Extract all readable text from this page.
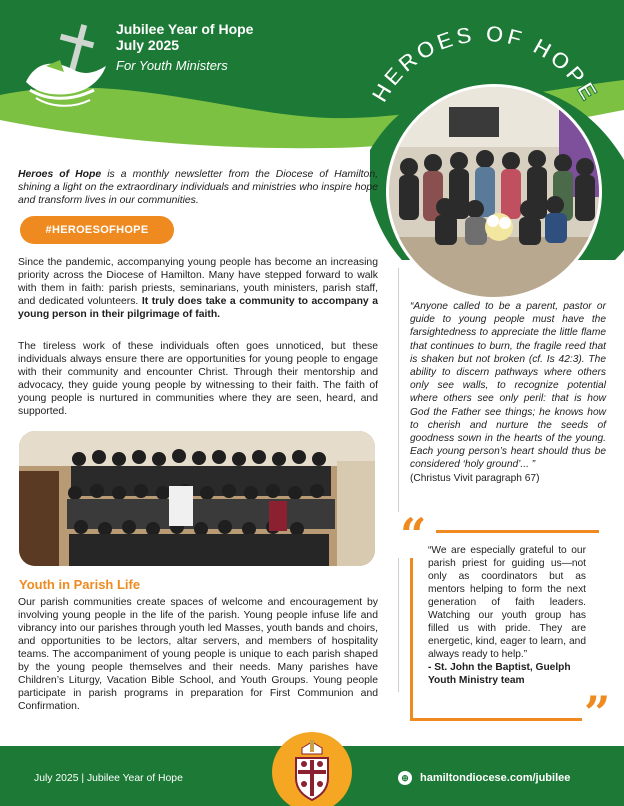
Jubilee Year of Hope
July 2025
For Youth Ministers
HEROES OF HOPE
Heroes of Hope is a monthly newsletter from the Diocese of Hamilton, shining a light on the extraordinary individuals and ministries who inspire hope and transform lives in our communities.
#HEROESOFHOPE
Since the pandemic, accompanying young people has become an increasing priority across the Diocese of Hamilton. Many have stepped forward to walk with them in faith: parish priests, seminarians, youth ministers, parish staff, and dedicated volunteers. It truly does take a community to accompany a young person in their pilgrimage of faith.
The tireless work of these individuals often goes unnoticed, but these individuals always ensure there are opportunities for young people to engage with their community and encounter Christ. Through their mentorship and advocacy, they guide young people by witnessing to their faith. The faith of young people is nurtured in communities where they are seen, heard, and supported.
Youth in Parish Life
Our parish communities create spaces of welcome and encouragement by involving young people in the life of the parish. Young people infuse life and vibrancy into our parishes through youth led Masses, youth bands and choirs, and opportunities to be lectors, altar servers, and members of hospitality teams. The accompaniment of young people is unique to each parish shaped by the young people themselves and their needs. Many parishes have Children’s Liturgy, Vacation Bible School, and Youth Groups. Young people participate in parish programs in preparation for First Communion and Confirmation.
“Anyone called to be a parent, pastor or guide to young people must have the farsightedness to appreciate the little flame that continues to burn, the fragile reed that is shaken but not broken (cf. Is 42:3). The ability to discern pathways where others only see walls, to recognize potential where others see only peril: that is how God the Father see things; he knows how to cherish and nurture the seeds of goodness sown in the hearts of the young. Each young person’s heart should thus be considered ‘holy ground’... ”
(Christus Vivit paragraph 67)
“
”
“We are especially grateful to our parish priest for guiding us—not only as coordinators but as mentors helping to form the next generation of faith leaders. Watching our youth group has filled us with pride. They are energetic, kind, eager to learn, and always ready to help.”
- St. John the Baptist, Guelph Youth Ministry team
July 2025 | Jubilee Year of Hope	⊕ hamiltondiocese.com/jubilee
